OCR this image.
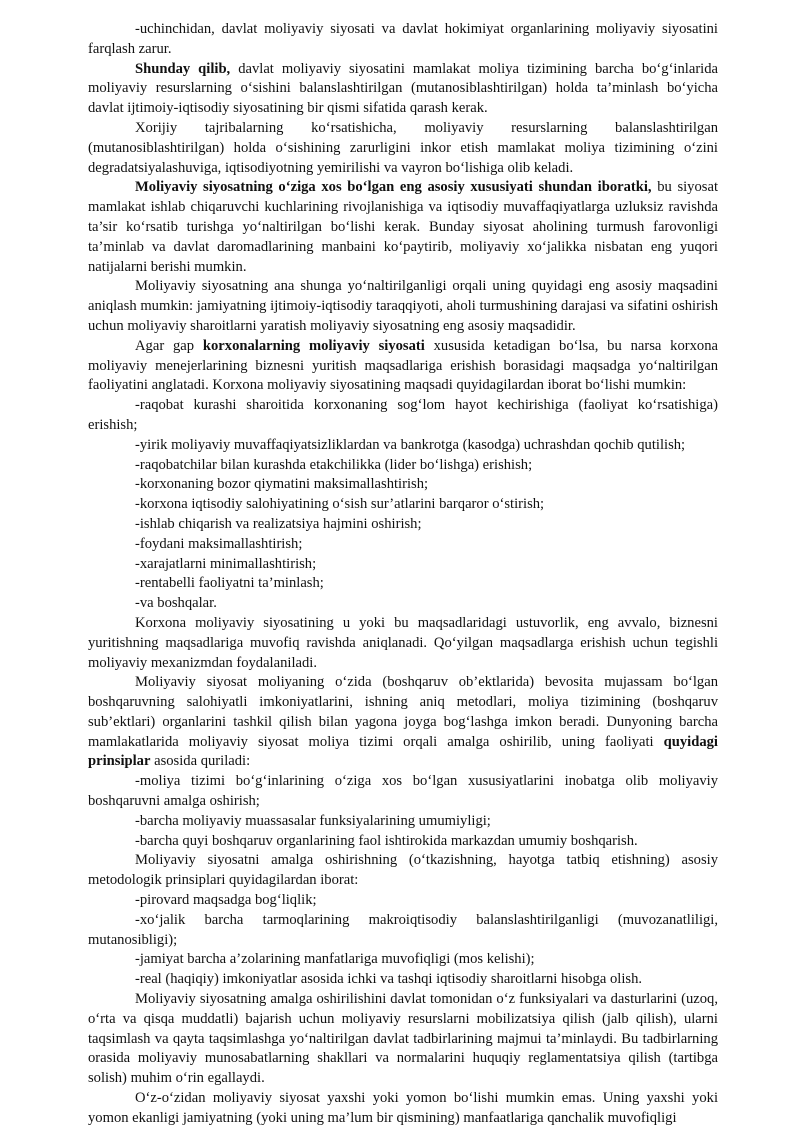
-uchinchidan, davlat moliyaviy siyosati va davlat hokimiyat organlarining moliyaviy siyosatini farqlash zarur.

Shunday qilib, davlat moliyaviy siyosatini mamlakat moliya tizimining barcha bo‘g‘inlarida moliyaviy resurslarning o‘sishini balanslashtirilgan (mutanosiblashtirilgan) holda ta’minlash bo‘yicha davlat ijtimoiy-iqtisodiy siyosatining bir qismi sifatida qarash kerak.

Xorijiy tajribalarning ko‘rsatishicha, moliyaviy resurslarning balanslashtirilgan (mutanosiblashtirilgan) holda o‘sishining zarurligini inkor etish mamlakat moliya tizimining o‘zini degradatsiyalashuviga, iqtisodiyotning yemirilishi va vayron bo‘lishiga olib keladi.

Moliyaviy siyosatning o‘ziga xos bo‘lgan eng asosiy xususiyati shundan iboratki, bu siyosat mamlakat ishlab chiqaruvchi kuchlarining rivojlanishiga va iqtisodiy muvaffaqiyatlarga uzluksiz ravishda ta’sir ko‘rsatib turishga yo‘naltirilgan bo‘lishi kerak. Bunday siyosat aholining turmush farovonligi ta’minlab va davlat daromadlarining manbaini ko‘paytirib, moliyaviy xo‘jalikka nisbatan eng yuqori natijalarni berishi mumkin.

Moliyaviy siyosatning ana shunga yo‘naltirilganligi orqali uning quyidagi eng asosiy maqsadini aniqlash mumkin: jamiyatning ijtimoiy-iqtisodiy taraqqiyoti, aholi turmushining darajasi va sifatini oshirish uchun moliyaviy sharoitlarni yaratish moliyaviy siyosatning eng asosiy maqsadidir.

Agar gap korxonalarning moliyaviy siyosati xususida ketadigan bo‘lsa, bu narsa korxona moliyaviy menejerlarining biznesni yuritish maqsadlariga erishish borasidagi maqsadga yo‘naltirilgan faoliyatini anglatadi. Korxona moliyaviy siyosatining maqsadi quyidagilardan iborat bo‘lishi mumkin:

-raqobat kurashi sharoitida korxonaning sog‘lom hayot kechirishiga (faoliyat ko‘rsatishiga) erishish;

-yirik moliyaviy muvaffaqiyatsizliklardan va bankrotga (kasodga) uchrashdan qochib qutilish;

-raqobatchilar bilan kurashda etakchilikka (lider bo‘lishga) erishish;

-korxonaning bozor qiymatini maksimallashtirish;

-korxona iqtisodiy salohiyatining o‘sish sur’atlarini barqaror o‘stirish;

-ishlab chiqarish va realizatsiya hajmini oshirish;

-foydani maksimallashtirish;

-xarajatlarni minimallashtirish;

-rentabelli faoliyatni ta’minlash;

-va boshqalar.

Korxona moliyaviy siyosatining u yoki bu maqsadlaridagi ustuvorlik, eng avvalo, biznesni yuritishning maqsadlariga muvofiq ravishda aniqlanadi. Qo‘yilgan maqsadlarga erishish uchun tegishli moliyaviy mexanizmdan foydalaniladi.

Moliyaviy siyosat moliyaning o‘zida (boshqaruv ob’ektlarida) bevosita mujassam bo‘lgan boshqaruvning salohiyatli imkoniyatlarini, ishning aniq metodlari, moliya tizimining (boshqaruv sub’ektlari) organlarini tashkil qilish bilan yagona joyga bog‘lashga imkon beradi. Dunyoning barcha mamlakatlarida moliyaviy siyosat moliya tizimi orqali amalga oshirilib, uning faoliyati quyidagi prinsiplar asosida quriladi:

-moliya tizimi bo‘g‘inlarining o‘ziga xos bo‘lgan xususiyatlarini inobatga olib moliyaviy boshqaruvni amalga oshirish;

-barcha moliyaviy muassasalar funksiyalarining umumiyligi;

-barcha quyi boshqaruv organlarining faol ishtirokida markazdan umumiy boshqarish.

Moliyaviy siyosatni amalga oshirishning (o‘tkazishning, hayotga tatbiq etishning) asosiy metodologik prinsiplari quyidagilardan iborat:

-pirovard maqsadga bog‘liqlik;

-xo‘jalik barcha tarmoqlarining makroiqtisodiy balanslashtirilganligi (muvozanatliligi, mutanosibligi);

-jamiyat barcha a’zolarining manfatlariga muvofiqligi (mos kelishi);

-real (haqiqiy) imkoniyatlar asosida ichki va tashqi iqtisodiy sharoitlarni hisobga olish.

Moliyaviy siyosatning amalga oshirilishini davlat tomonidan o‘z funksiyalari va dasturlarini (uzoq, o‘rta va qisqa muddatli) bajarish uchun moliyaviy resurslarni mobilizatsiya qilish (jalb qilish), ularni taqsimlash va qayta taqsimlashga yo‘naltirilgan davlat tadbirlarining majmui ta’minlaydi. Bu tadbirlarning orasida moliyaviy munosabatlarning shakllari va normalarini huquqiy reglamentatsiya qilish (tartibga solish) muhim o‘rin egallaydi.

O‘z-o‘zidan moliyaviy siyosat yaxshi yoki yomon bo‘lishi mumkin emas. Uning yaxshi yoki yomon ekanligi jamiyatning (yoki uning ma’lum bir qismining) manfaatlariga qanchalik muvofiqligi
